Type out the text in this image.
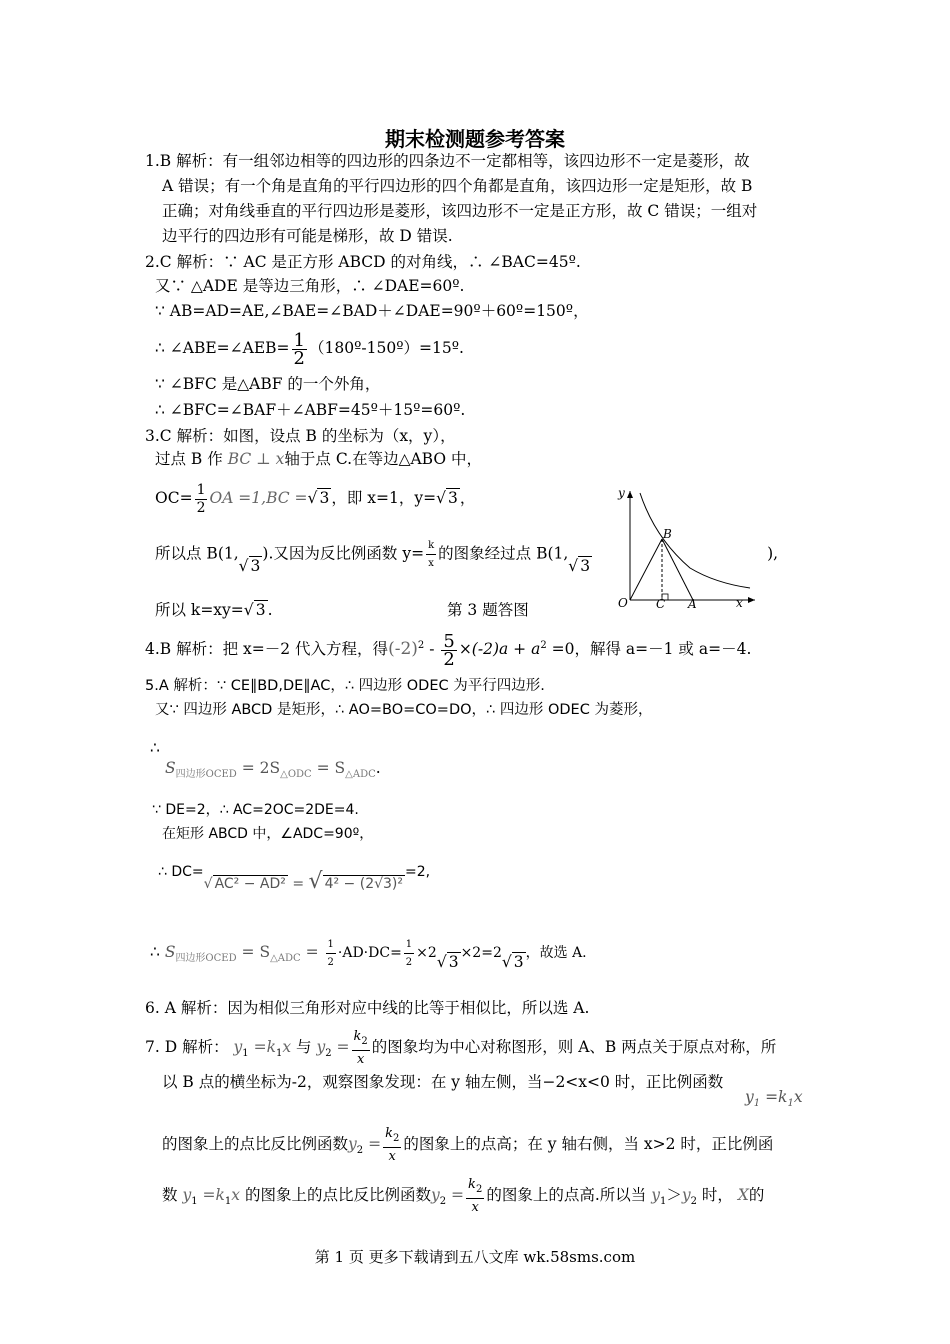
期末检测题参考答案
1.B 解析：有一组邻边相等的四边形的四条边不一定都相等，该四边形不一定是菱形，故
A 错误；有一个角是直角的平行四边形的四个角都是直角，该四边形一定是矩形，故 B
正确；对角线垂直的平行四边形是菱形，该四边形不一定是正方形，故 C 错误；一组对
边平行的四边形有可能是梯形，故 D 错误.
2.C 解析：∵ AC 是正方形 ABCD 的对角线，∴ ∠BAC=45º.
又∵ △ADE 是等边三角形，∴ ∠DAE=60º.
∵ AB=AD=AE,∠BAE=∠BAD＋∠DAE=90º＋60º=150º，
∴ ∠ABE=∠AEB= $\frac{1}{2}$ （180º-150º）=15º.
∵ ∠BFC 是△ABF 的一个外角，
∴ ∠BFC=∠BAF＋∠ABF=45º＋15º=60º.
3.C 解析：如图，设点 B 的坐标为（x，y），
过点 B 作 BC ⊥ x轴于点 C.在等边△ABO 中，
$OC= \frac{1}{2}$ OA =1,BC =√ 3 ，即 x=1，y=√ 3 ，
所以点 B(1,√ 3).又因为反比例函数 $y= \frac{k}{x}$ 的图象经过点 B(1,√ 3),
所以 k=xy=√ 3 .	第 3 题答图
y
x
O
B
C A
4.B 解析：把 x=－2 代入方程，得$(-2)^2 - \frac{5}{2} \times(-2)a + a^2 =0$，解得 a=－1 或 a=－4.
5.A 解析：∵ CE∥BD,DE∥AC，∴ 四边形 ODEC 为平行四边形.
又∵ 四边形 ABCD 是矩形，∴ AO=BO=CO=DO，∴ 四边形 ODEC 为菱形，
∴
$S_{四边形OCED} = 2S_{\triangle ODC} = S_{\triangle ADC}$.
∵ DE=2，∴ AC=2OC=2DE=4.
在矩形 ABCD 中，∠ADC=90º，
∴ DC=√ AC² − AD² = √ 4² − (2√3)²=2,
∴ $S_{四边形OCED} = S_{\triangle ADC} = \frac{1}{2} \cdot AD\cdot DC= \frac{1}{2} \times 2√$ 3 ×2=2√ 3 ，故选 A.
6. A 解析：因为相似三角形对应中线的比等于相似比，所以选 A.
7. D 解析： $y_1 =k_1x$ 与 $y_2 = \frac{k_2}{x}$ 的图象均为中心对称图形，则 A、B 两点关于原点对称，所
以 B 点的横坐标为-2，观察图象发现：在 y 轴左侧，当−2<x<0 时，正比例函数
$y_1 =k_1x$
的图象上的点比反比例函数$y_2 = \frac{k_2}{x}$ 的图象上的点高；在 y 轴右侧，当 x>2 时，正比例函
数 $y_1 =k_1x$ 的图象上的点比反比例函数$y_2 = \frac{k_2}{x}$ 的图象上的点高.所以当 $y_1>y_2$ 时， X的
第 1 页 更多下载请到五八文库 wk.58sms.com
